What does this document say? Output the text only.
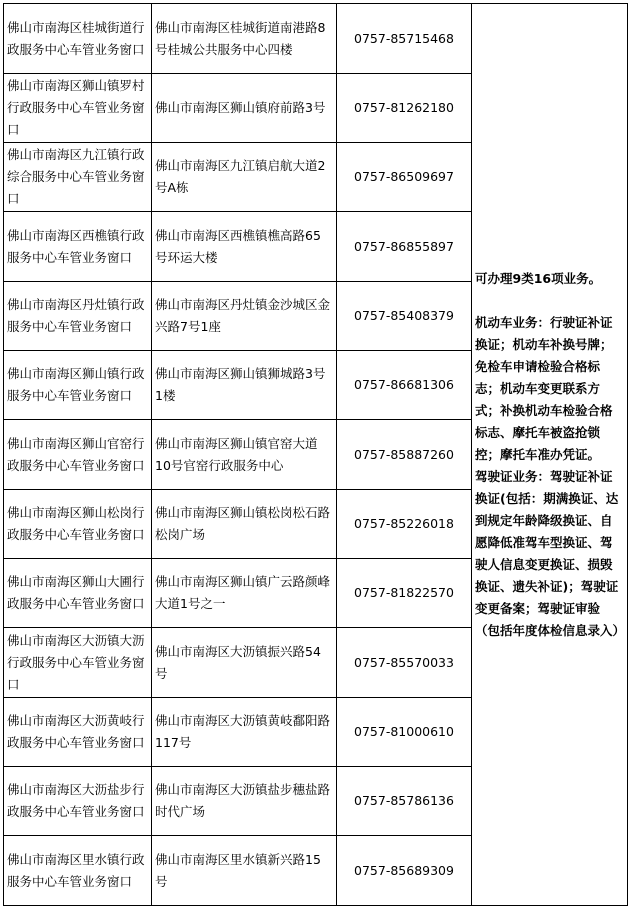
佛山市南海区桂城街道行政服务中心车管业务窗口	佛山市南海区桂城街道南港路8号桂城公共服务中心四楼	0757-85715468	可办理9类16项业务。
机动车业务：行驶证补证换证；机动车补换号牌；免检车申请检验合格标志；机动车变更联系方式；补换机动车检验合格标志、摩托车被盗抢锁控；摩托车准办凭证。
驾驶证业务：驾驶证补证换证(包括：期满换证、达到规定年龄降级换证、自愿降低准驾车型换证、驾驶人信息变更换证、损毁换证、遗失补证)；驾驶证变更备案；驾驶证审验（包括年度体检信息录入）

佛山市南海区狮山镇罗村行政服务中心车管业务窗口	佛山市南海区狮山镇府前路3号	0757-81262180	
佛山市南海区九江镇行政综合服务中心车管业务窗口	佛山市南海区九江镇启航大道2号A栋	0757-86509697	
佛山市南海区西樵镇行政服务中心车管业务窗口	佛山市南海区西樵镇樵高路65号环运大楼	0757-86855897	
佛山市南海区丹灶镇行政服务中心车管业务窗口	佛山市南海区丹灶镇金沙城区金兴路7号1座	0757-85408379	
佛山市南海区狮山镇行政服务中心车管业务窗口	佛山市南海区狮山镇狮城路3号1楼	0757-86681306	
佛山市南海区狮山官窑行政服务中心车管业务窗口	佛山市南海区狮山镇官窑大道10号官窑行政服务中心	0757-85887260	
佛山市南海区狮山松岗行政服务中心车管业务窗口	佛山市南海区狮山镇松岗松石路松岗广场	0757-85226018	
佛山市南海区狮山大圃行政服务中心车管业务窗口	佛山市南海区狮山镇广云路颜峰大道1号之一	0757-81822570	
佛山市南海区大沥镇大沥行政服务中心车管业务窗口	佛山市南海区大沥镇振兴路54号	0757-85570033	
佛山市南海区大沥黄岐行政服务中心车管业务窗口	佛山市南海区大沥镇黄岐鄱阳路117号	0757-81000610	
佛山市南海区大沥盐步行政服务中心车管业务窗口	佛山市南海区大沥镇盐步穗盐路时代广场	0757-85786136	
佛山市南海区里水镇行政服务中心车管业务窗口	佛山市南海区里水镇新兴路15号	0757-85689309	
